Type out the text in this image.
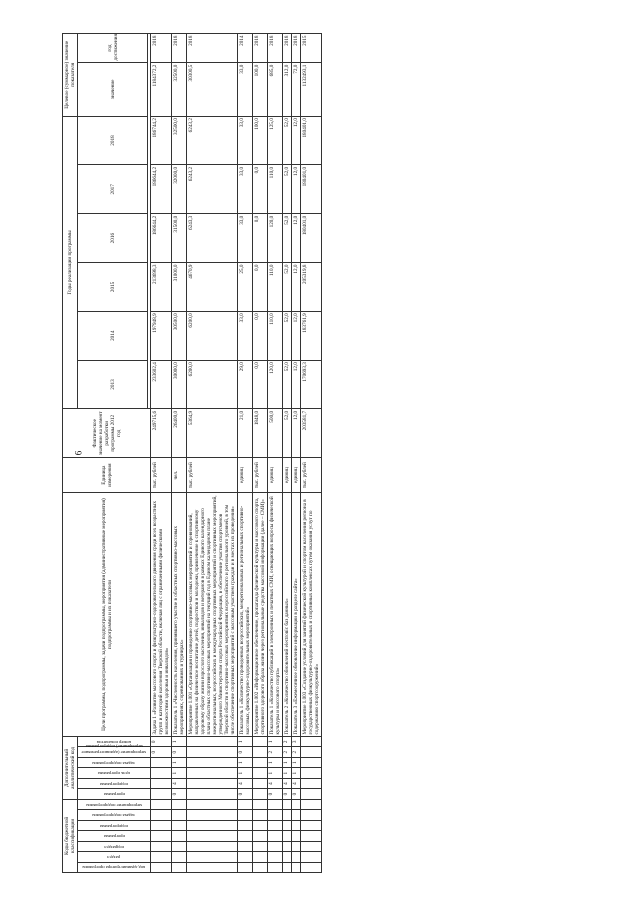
6
Коды бюджетной классификации							Дополнительный аналитический код						Цели программы, подпрограммы, задачи подпрограммы, мероприятия (административные мероприятия) подпрограммы и их показатели	Единица измерения	Фактическое значение на момент разработки программы 2012 год	Годы реализации программы						Целевое (суммарное) значение показателя	

код администратора программы	раздел	подраздел	программа	подпрограмма	задача подпрограммы	мероприятие подпрограммы	программа	подпрограмма	цель программы	задача подпрограммы	мероприятие (административное мероприятие) подпрограммы	номер показателя				2013	2014	2015	2016	2017	2018	значение	год достижения

											0	0	Задача 1 «Развитие массового спорта и физкультурно-оздоровительного движения среди всех возрастных групп и категорий населения Тверской области, включая лиц с ограниченными физическими возможностями здоровья и инвалидов»	тыс. рублей	249715,6	233602,4	197948,9	213698,3	186644,2	186644,2	186744,2	1184372,2	2018
							0	4	1	1	0	1	Показатель 1 «Численность населения, принявшего участие в областных спортивно-массовых мероприятиях, соревнованиях и турнирах»	чел.	26400,0	30000,0	30500,0	31000,0	31500,0	32000,0	32500,0	32500,0	2018
													Мероприятие 1.001 «Организация и проведение спортивно-массовых мероприятий и соревнований, направленных на физическое воспитание детей, подростков и молодежи, привлечение к спортивному здоровому образу жизни взрослого населения, инвалидов и ветеранов в рамках Единого календарного плана областных спортивно-массовых мероприятий на текущий год в Едином календарном плане межрегиональных, всероссийских и международных спортивных мероприятий и спортивных мероприятий, утвержденного Министерством спорта Российской Федерации, в обеспечение участия спортсменов Тверской области в спортивно-массовых мероприятиях всероссийского и регионального уровней, в том числе обеспечение спортивных мероприятий с массовым участием граждан и в местах их проведения»	тыс. рублей	5364,9	6200,0	6200,0	4670,9	6243,3	6243,2	6243,2	30300,5	2018
							0	4	1	1	0	1	Показатель 1 «Количество проведенных всероссийских, межрегиональных и региональных спортивно-массовых, физкультурно-оздоровительных мероприятий»	единиц	21,0	29,0	33,0	25,0	33,0	33,0	33,0	33,0	2014
													Мероприятие 1.002 «Информационное обеспечение, пропаганда физической культуры и массового спорта, спортивного здорового образа жизни через региональные средства массовой информации (далее – СМИ)»	тыс. рублей	1848,0	0,0	0,0	0,0	0,0	0,0	100,0	100,0	2018
							0	4	1	1	2	1	Показатель 1 «Количество публикаций в электронных и печатных СМИ, освещающих вопросы физической культуры и массового спорта»	единиц	500,0	120,0	110,0	110,0	120,0	110,0	125,0	685,0	2018
							0	4	1	1	2	2	Показатель 2 «Количество обновлений electronic баз данных»	единиц	52,0	52,0	52,0	52,0	52,0	52,0	52,0	312,0	2018
							0	4	1	1	2	3	Показатель 3 «Ежемесячное обновление информации в разделе сайта»	единиц	12,0	12,0	12,0	12,0	12,0	12,0	12,0	72,0	2018
													Мероприятие 1.003 «Создание условий для занятий физической культурой и спортом населения региона в государственных физкультурно-оздоровительных и спортивных комплексах путем оказания услуг по содержанию спортсооружений»	тыс. рублей	203581,7	170693,3	183761,9	205319,8	180401,0	180401,0	180401,0	1132493,1	2015
